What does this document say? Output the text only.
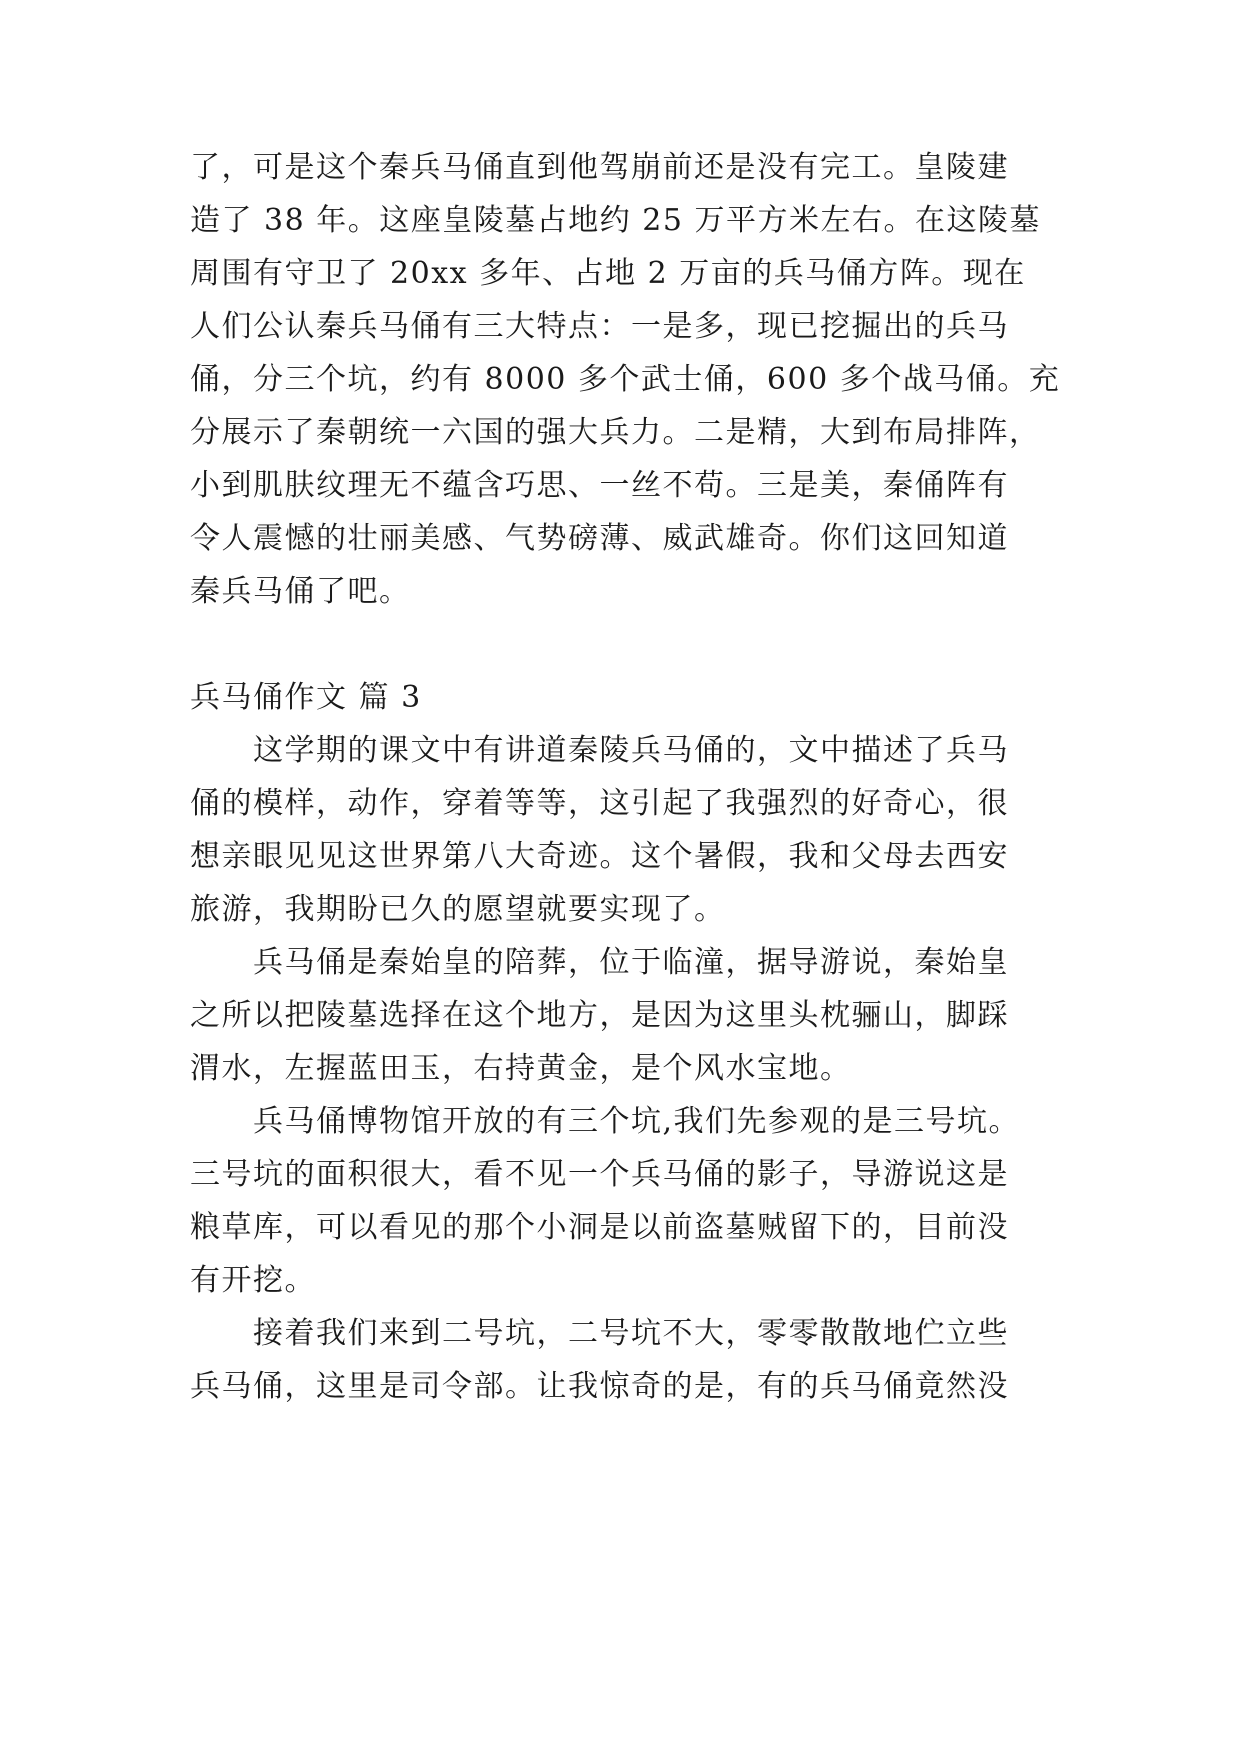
了，可是这个秦兵马俑直到他驾崩前还是没有完工。皇陵建
造了 38 年。这座皇陵墓占地约 25 万平方米左右。在这陵墓
周围有守卫了 20xx 多年、占地 2 万亩的兵马俑方阵。现在
人们公认秦兵马俑有三大特点：一是多，现已挖掘出的兵马
俑，分三个坑，约有 8000 多个武士俑，600 多个战马俑。充
分展示了秦朝统一六国的强大兵力。二是精，大到布局排阵，
小到肌肤纹理无不蕴含巧思、一丝不苟。三是美，秦俑阵有
令人震憾的壮丽美感、气势磅薄、威武雄奇。你们这回知道
秦兵马俑了吧。
兵马俑作文 篇 3
这学期的课文中有讲道秦陵兵马俑的，文中描述了兵马
俑的模样，动作，穿着等等，这引起了我强烈的好奇心，很
想亲眼见见这世界第八大奇迹。这个暑假，我和父母去西安
旅游，我期盼已久的愿望就要实现了。
兵马俑是秦始皇的陪葬，位于临潼，据导游说，秦始皇
之所以把陵墓选择在这个地方，是因为这里头枕骊山，脚踩
渭水，左握蓝田玉，右持黄金，是个风水宝地。
兵马俑博物馆开放的有三个坑,我们先参观的是三号坑。
三号坑的面积很大，看不见一个兵马俑的影子，导游说这是
粮草库，可以看见的那个小洞是以前盗墓贼留下的，目前没
有开挖。
接着我们来到二号坑，二号坑不大，零零散散地伫立些
兵马俑，这里是司令部。让我惊奇的是，有的兵马俑竟然没
